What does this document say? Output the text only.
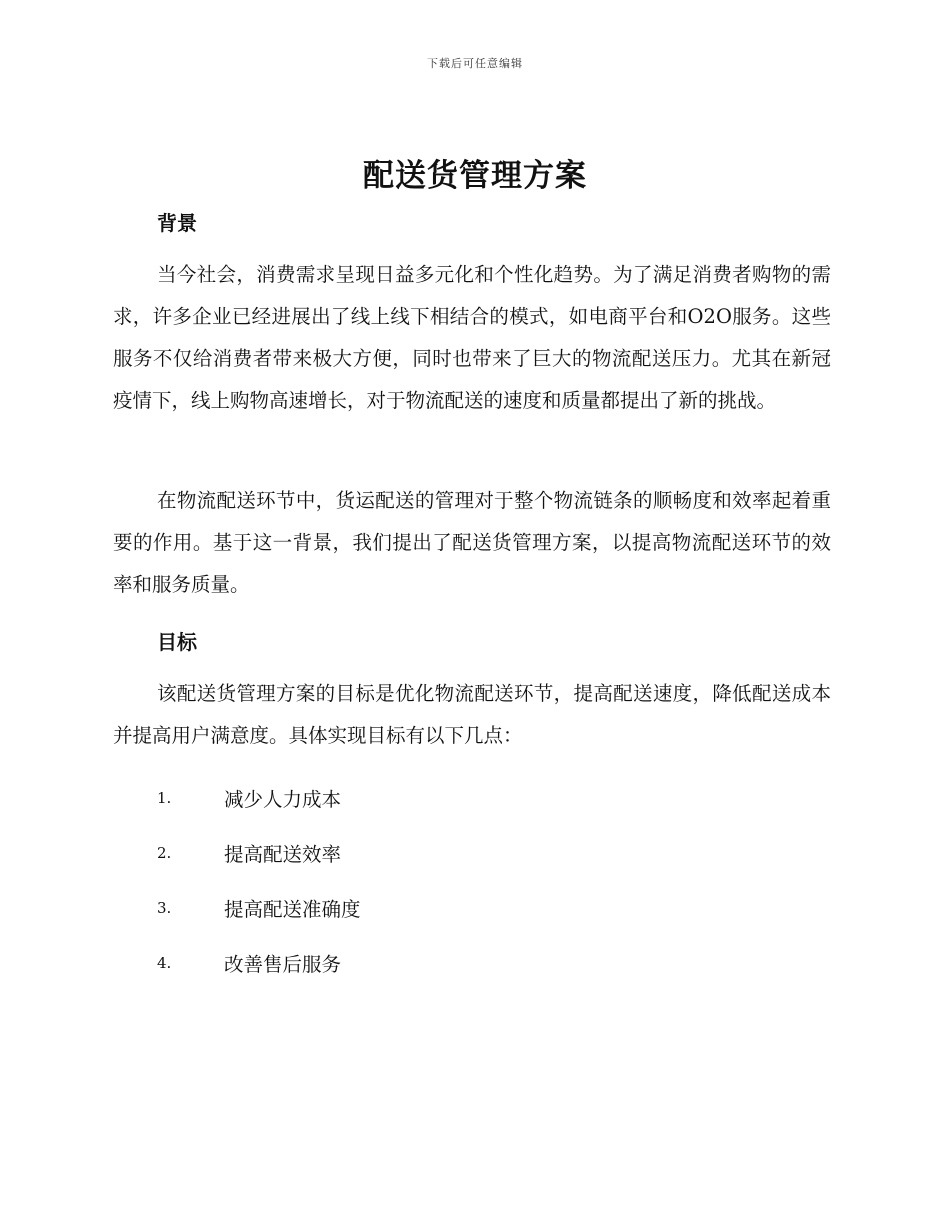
下载后可任意编辑
配送货管理方案
背景

当今社会，消费需求呈现日益多元化和个性化趋势。为了满足消费者购物的需求，许多企业已经进展出了线上线下相结合的模式，如电商平台和O2O服务。这些服务不仅给消费者带来极大方便，同时也带来了巨大的物流配送压力。尤其在新冠疫情下，线上购物高速增长，对于物流配送的速度和质量都提出了新的挑战。

在物流配送环节中，货运配送的管理对于整个物流链条的顺畅度和效率起着重要的作用。基于这一背景，我们提出了配送货管理方案，以提高物流配送环节的效率和服务质量。

目标

该配送货管理方案的目标是优化物流配送环节，提高配送速度，降低配送成本并提高用户满意度。具体实现目标有以下几点：

1.	减少人力成本
2.	提高配送效率
3.	提高配送准确度
4.	改善售后服务
